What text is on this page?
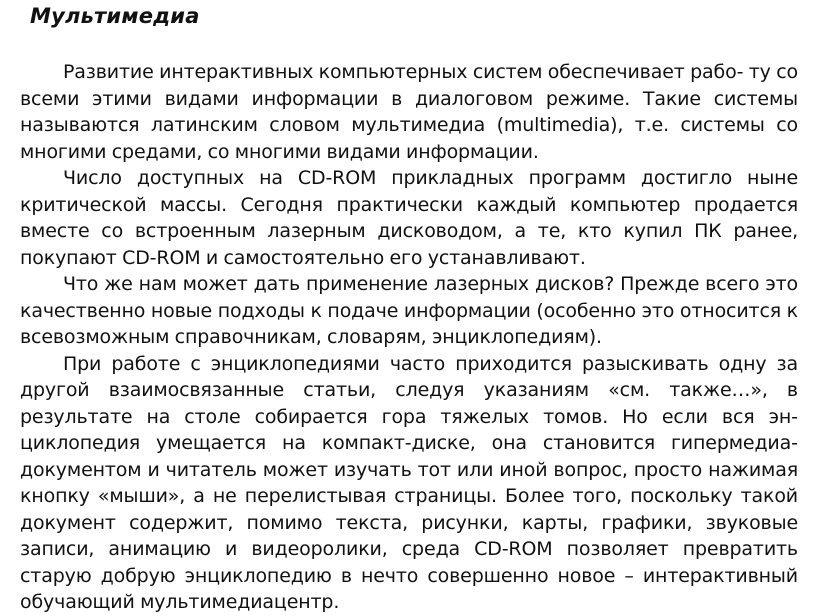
Мультимедиа

Развитие интерактивных компьютерных систем обеспечивает рабо- ту со всеми этими видами информации в диалоговом режиме. Такие системы называются латинским словом мультимедиа (multimedia), т.е. системы со многими средами, со многими видами информации.

Число доступных на CD-ROM прикладных программ достигло ныне критической массы. Сегодня практически каждый компьютер продается вместе со встроенным лазерным дисководом, а те, кто купил ПК ранее, покупают CD-ROM и самостоятельно его устанавливают.

Что же нам может дать применение лазерных дисков? Прежде всего это качественно новые подходы к подаче информации (особенно это относится к всевозможным справочникам, словарям, энциклопедиям).

При работе с энциклопедиями часто приходится разыскивать одну за другой взаимосвязанные статьи, следуя указаниям «см. также…», в результате на столе собирается гора тяжелых томов. Но если вся энциклопедия умещается на компакт-диске, она становится гипермедиадокументом и читатель может изучать тот или иной вопрос, просто нажимая кнопку «мыши», а не перелистывая страницы. Более того, поскольку такой документ содержит, помимо текста, рисунки, карты, графики, звуковые записи, анимацию и видеоролики, среда CD-ROM позволяет превратить старую добрую энциклопедию в нечто совершенно новое – интерактивный обучающий мультимедиацентр.
